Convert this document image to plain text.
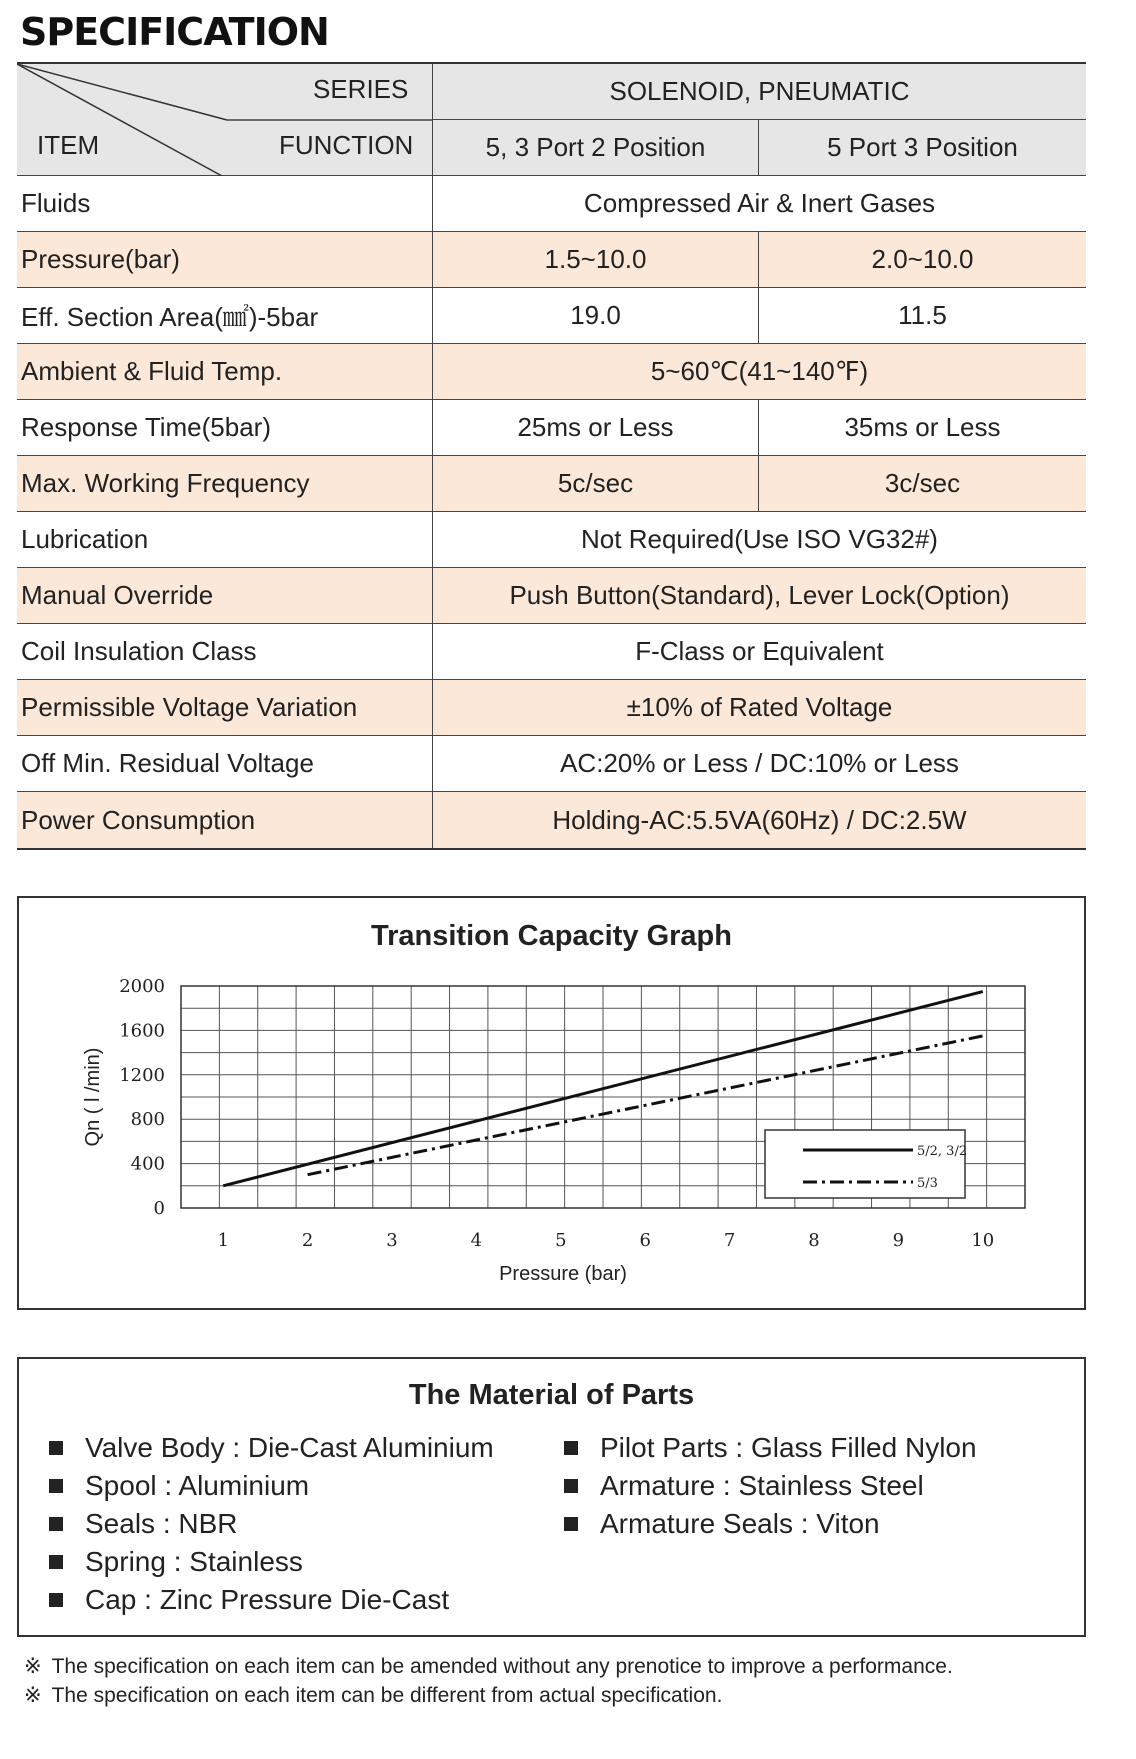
SPECIFICATION
SERIES
ITEM	FUNCTION
SOLENOID, PNEUMATIC
5, 3 Port 2 Position	5 Port 3 Position
Fluids	Compressed Air & Inert Gases
Pressure(bar)	1.5~10.0	2.0~10.0
Eff. Section Area(㎟)-5bar	19.0	11.5
Ambient & Fluid Temp.	5~60℃(41~140℉)
Response Time(5bar)	25ms or Less	35ms or Less
Max. Working Frequency	5c/sec	3c/sec
Lubrication	Not Required(Use ISO VG32#)
Manual Override	Push Button(Standard), Lever Lock(Option)
Coil Insulation Class	F-Class or Equivalent
Permissible Voltage Variation	±10% of Rated Voltage
Off Min. Residual Voltage	AC:20% or Less / DC:10% or Less
Power Consumption	Holding-AC:5.5VA(60Hz) / DC:2.5W
Transition Capacity Graph
0
400
800
1200
1600
2000
1	2	3	4	5	6	7	8	9	10
Pressure (bar)
Qn ( l /min)
5/2, 3/2
5/3
The Material of Parts
Valve Body : Die-Cast Aluminium
Spool : Aluminium
Seals : NBR
Spring : Stainless
Cap : Zinc Pressure Die-Cast
Pilot Parts : Glass Filled Nylon
Armature : Stainless Steel
Armature Seals : Viton
※ The specification on each item can be amended without any prenotice to improve a performance.
※ The specification on each item can be different from actual specification.
